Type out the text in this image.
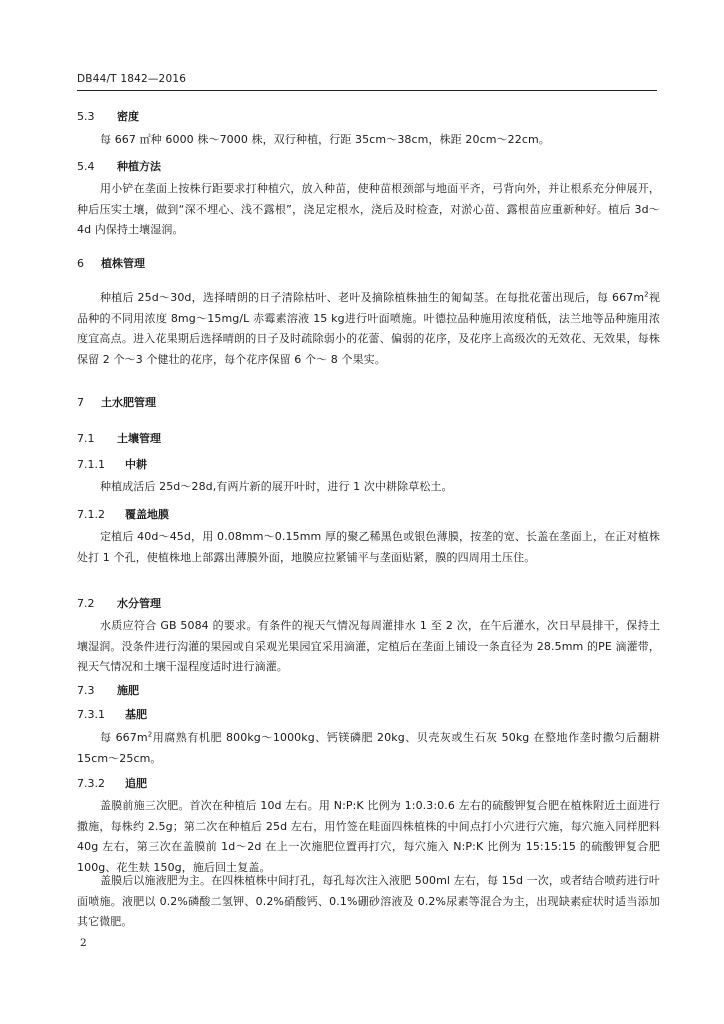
DB44/T 1842—2016
5.3 密度
每 667 ㎡种 6000 株～7000 株，双行种植，行距 35cm～38cm，株距 20cm～22cm。
5.4 种植方法
用小铲在垄面上按株行距要求打种植穴，放入种苗，使种苗根颈部与地面平齐，弓背向外，并让根系充分伸展开，种后压实土壤，做到“深不埋心、浅不露根”，浇足定根水，浇后及时检查，对淤心苗、露根苗应重新种好。植后 3d～4d 内保持土壤湿润。
6 植株管理
种植后 25d～30d，选择晴朗的日子清除枯叶、老叶及摘除植株抽生的匍匐茎。在每批花蕾出现后，每 $667m^2$视品种的不同用浓度 8mg～15mg/L 赤霉素溶液 15 kg进行叶面喷施。叶德拉品种施用浓度稍低，法兰地等品种施用浓度宜高点。进入花果期后选择晴朗的日子及时疏除弱小的花蕾、偏弱的花序，及花序上高级次的无效花、无效果，每株保留 2 个～3 个健壮的花序，每个花序保留 6 个～ 8 个果实。
7 土水肥管理
7.1 土壤管理
7.1.1 中耕
种植成活后 25d～28d,有两片新的展开叶时，进行 1 次中耕除草松土。
7.1.2 覆盖地膜
定植后 40d～45d，用 0.08mm～0.15mm 厚的聚乙稀黑色或银色薄膜，按垄的宽、长盖在垄面上，在正对植株处打 1 个孔，使植株地上部露出薄膜外面，地膜应拉紧铺平与垄面贴紧，膜的四周用土压住。
7.2 水分管理
水质应符合 GB 5084 的要求。有条件的视天气情况每周灌排水 1 至 2 次，在午后灌水，次日早晨排干，保持土壤湿润。没条件进行沟灌的果园或自采观光果园宜采用滴灌，定植后在垄面上铺设一条直径为 28.5mm 的PE 滴灌带，视天气情况和土壤干湿程度适时进行滴灌。
7.3 施肥
7.3.1 基肥
每 $667m^2$用腐熟有机肥 800kg～1000kg、钙镁磷肥 20kg、贝壳灰或生石灰 50kg 在整地作垄时撒匀后翻耕 15cm～25cm。
7.3.2 追肥
盖膜前施三次肥。首次在种植后 10d 左右。用 N:P:K 比例为 1:0.3:0.6 左右的硫酸钾复合肥在植株附近土面进行撒施，每株约 2.5g；第二次在种植后 25d 左右，用竹签在畦面四株植株的中间点打小穴进行穴施，每穴施入同样肥料 40g 左右，第三次在盖膜前 1d～2d 在上一次施肥位置再打穴，每穴施入 N:P:K 比例为 15:15:15 的硫酸钾复合肥 100g、花生麸 150g，施后回土复盖。
盖膜后以施液肥为主。在四株植株中间打孔，每孔每次注入液肥 500ml 左右，每 15d 一次，或者结合喷药进行叶面喷施。液肥以 0.2%磷酸二氢钾、0.2%硝酸钙、0.1%硼砂溶液及 0.2%尿素等混合为主，出现缺素症状时适当添加其它微肥。
2
